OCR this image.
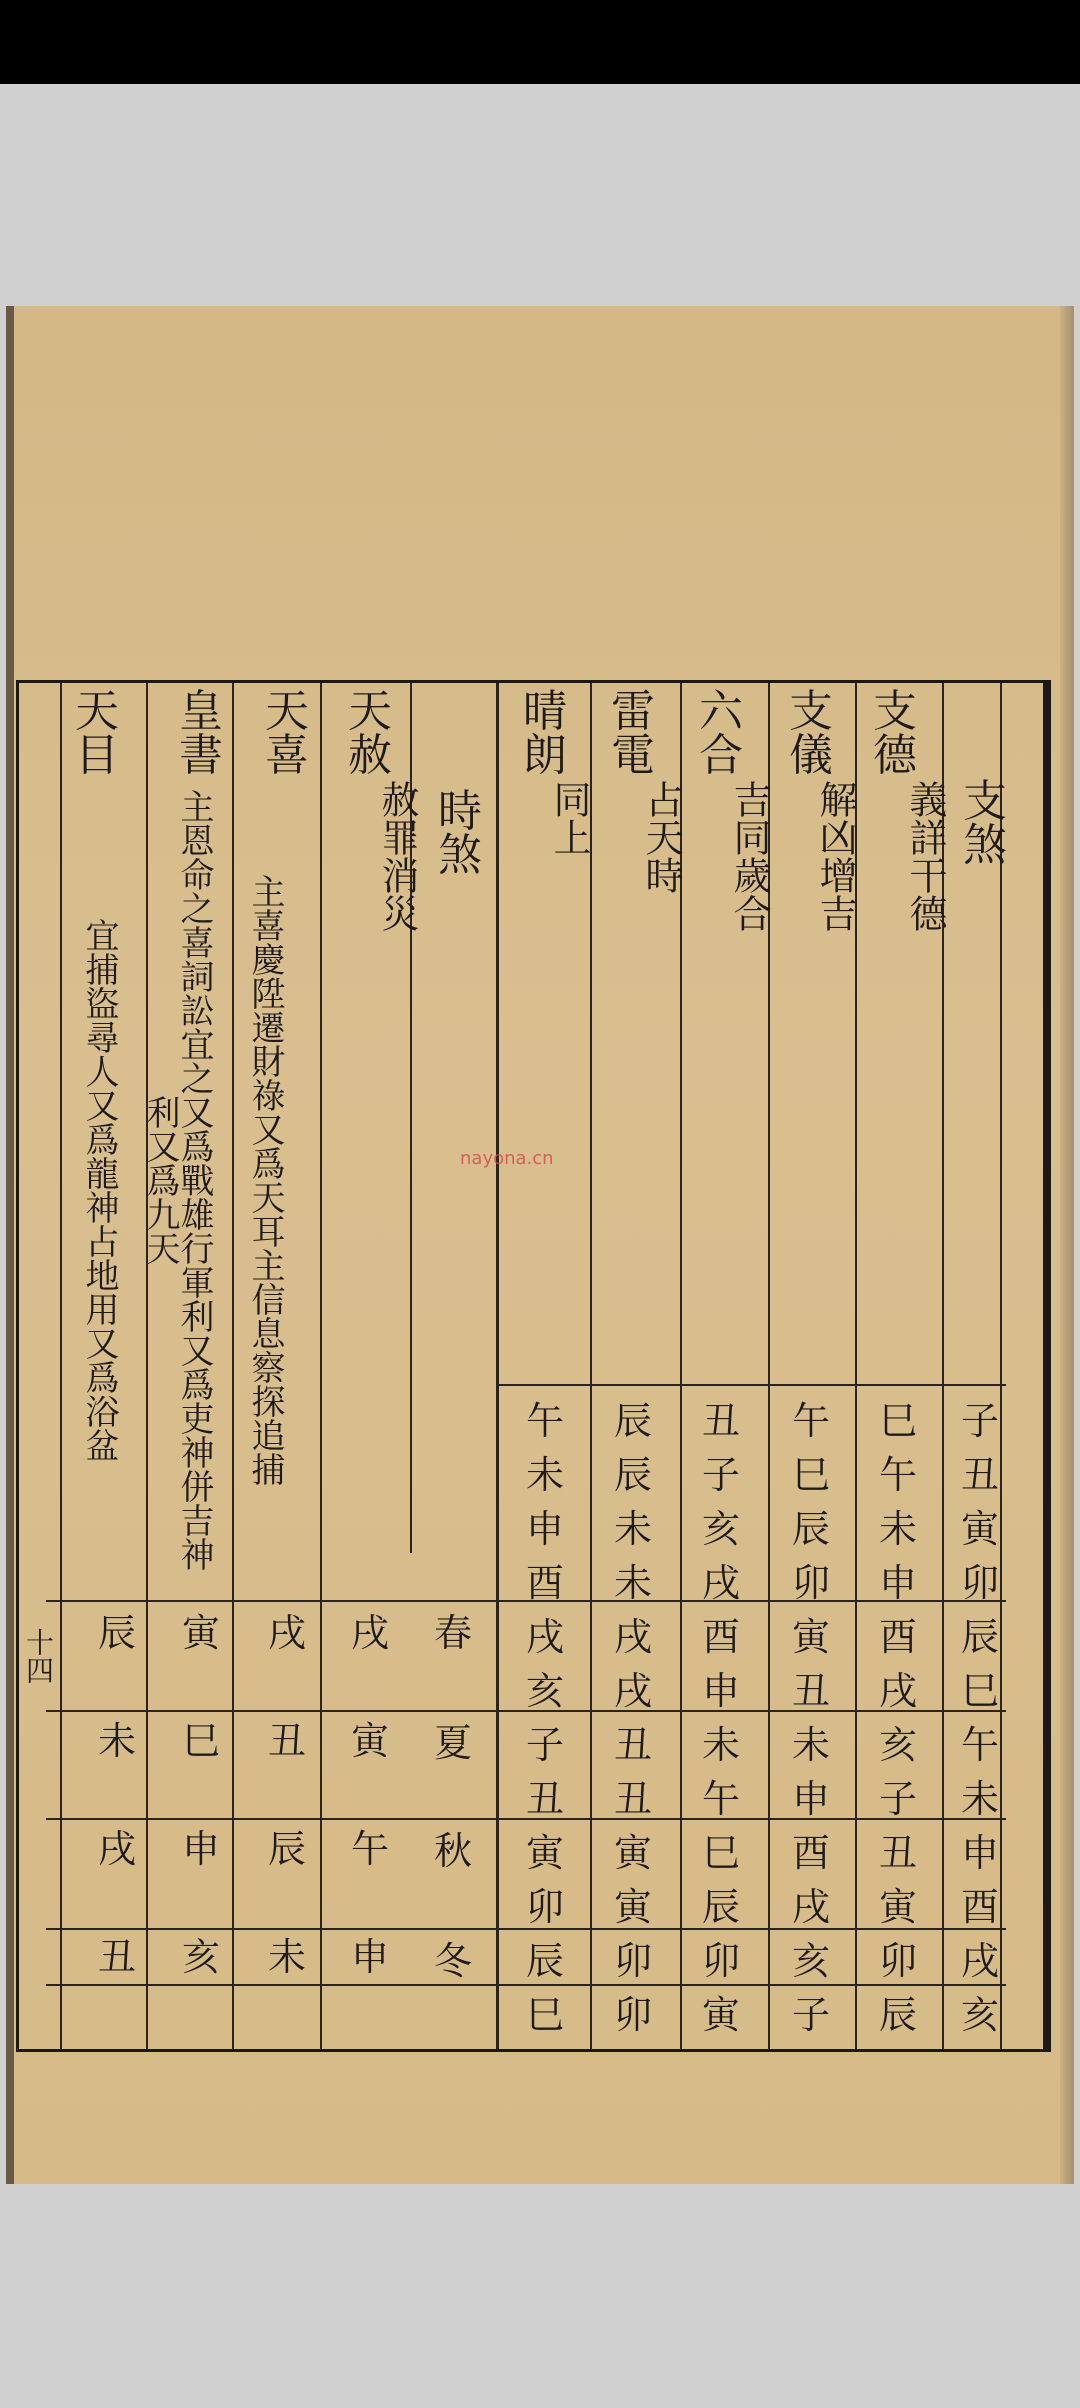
支煞
支德
義詳干德
支儀
解凶增吉
六合
吉同歲合
雷電
占天時
晴朗
同上
時煞
天赦
赦罪消災
天喜
主喜慶陞遷財祿又爲天耳主信息察探追捕
皇書
主恩命之喜詞訟宜之又爲戰雄行軍利又爲吏神併吉神利又爲九天
天目
宜捕盜尋人又爲龍神占地用又爲浴盆	子
丑
寅
卯
辰
巳
午
未
申
酉
戌
亥
巳
午
未
申
酉
戌
亥
子
丑
寅
卯
辰
午
巳
辰
卯
寅
丑
未
申
酉
戌
亥
子
丑
子
亥
戌
酉
申
未
午
巳
辰
卯
寅
辰
辰
未
未
戌
戌
丑
丑
寅
寅
卯
卯
午
未
申
酉
戌
亥
子
丑
寅
卯
辰
巳
春
夏
秋
冬
戌
寅
午
申
戌
丑
辰
未
寅
巳
申
亥
辰
未
戌
丑
十四
nayona.cn
